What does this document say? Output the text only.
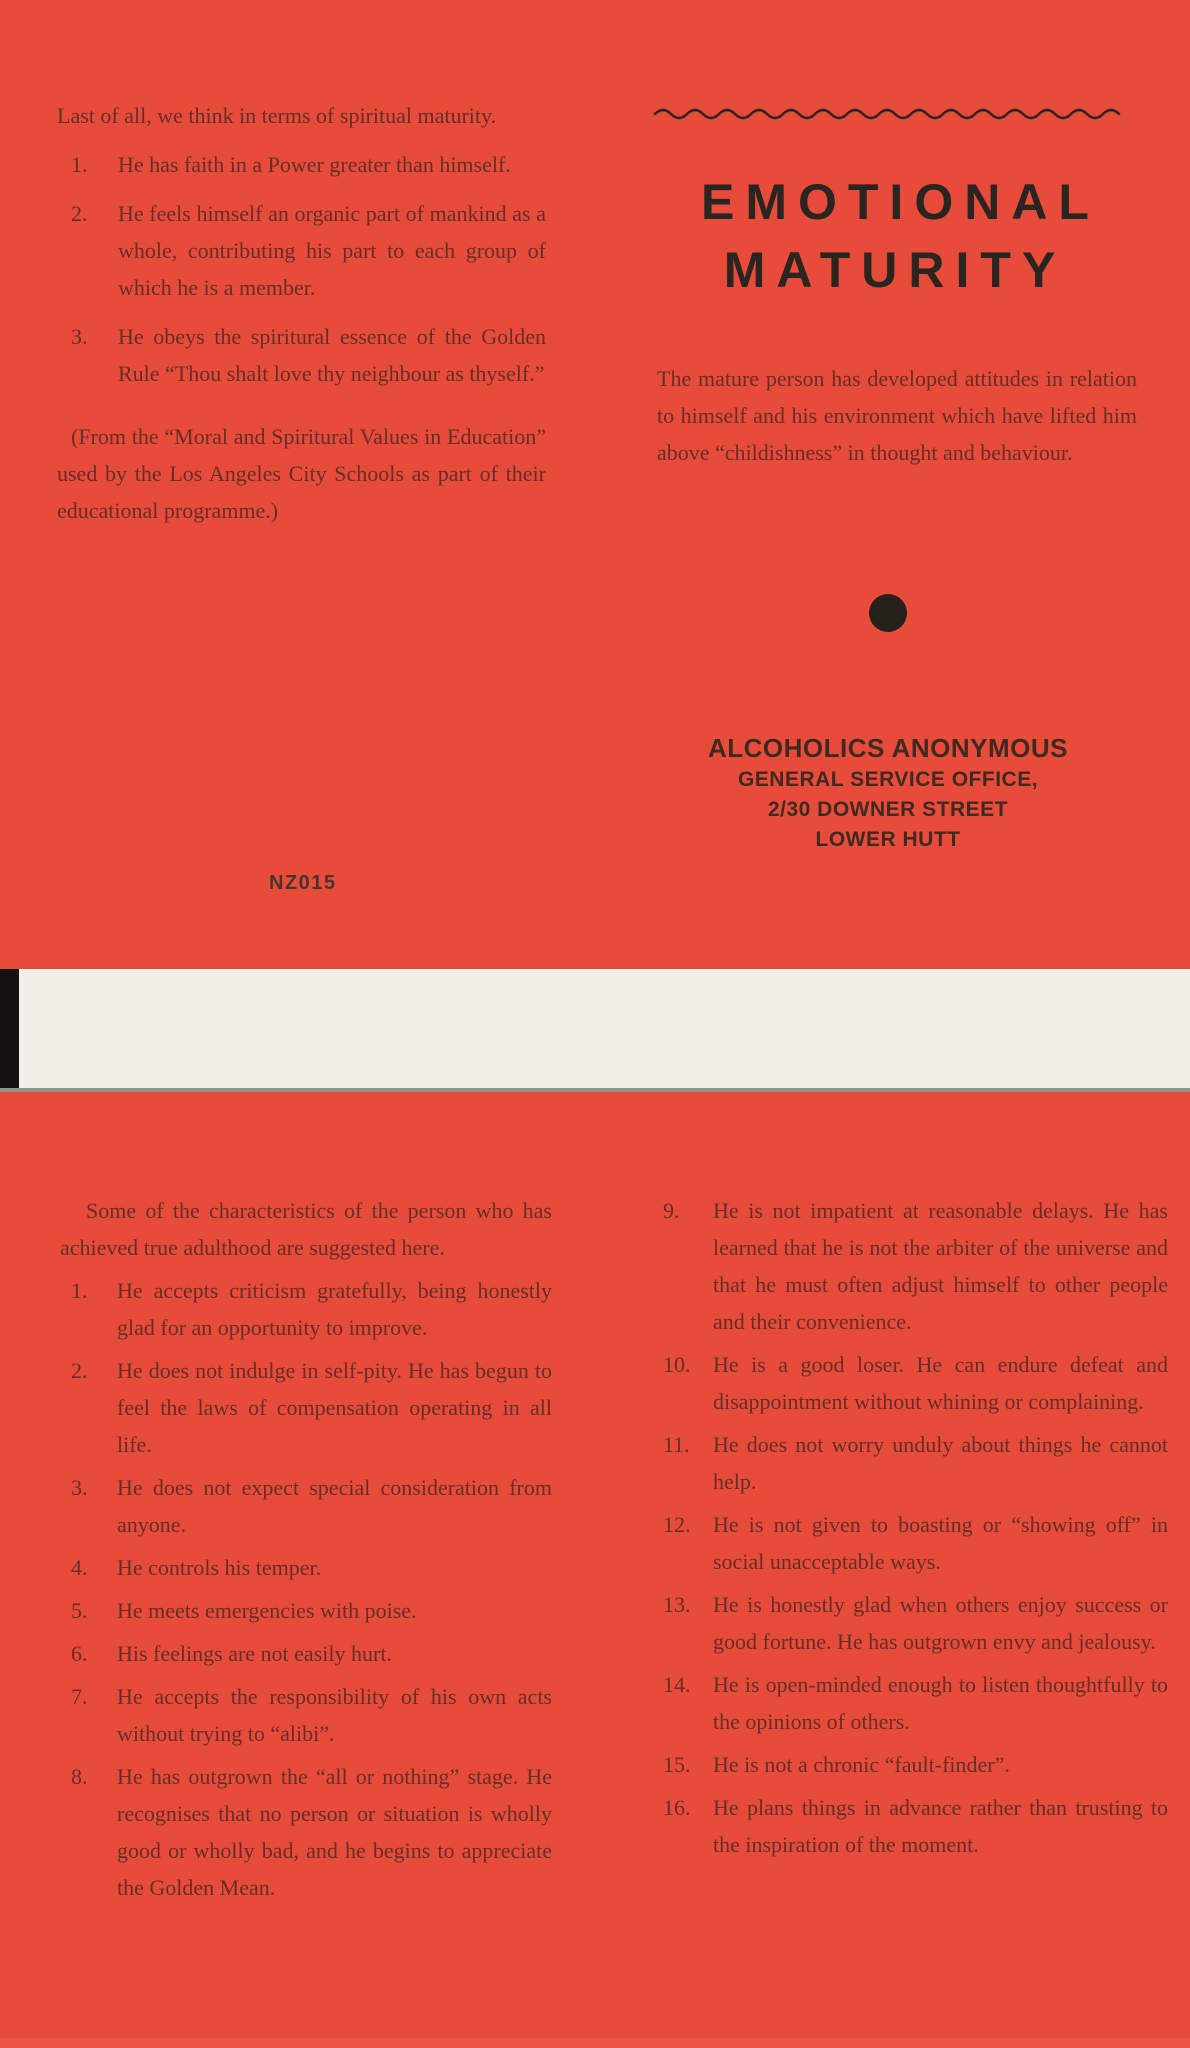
Last of all, we think in terms of spiritual maturity.

1. He has faith in a Power greater than himself.
2. He feels himself an organic part of mankind as a whole, contributing his part to each group of which he is a member.
3. He obeys the spiritural essence of the Golden Rule “Thou shalt love thy neighbour as thyself.”

(From the “Moral and Spiritural Values in Education” used by the Los Angeles City Schools as part of their educational programme.)

NZ015
EMOTIONAL
MATURITY

The mature person has developed attitudes in relation to himself and his environment which have lifted him above “childishness” in thought and behaviour.

ALCOHOLICS ANONYMOUS
GENERAL SERVICE OFFICE,
2/30 DOWNER STREET
LOWER HUTT

Some of the characteristics of the person who has achieved true adulthood are suggested here.

1. He accepts criticism gratefully, being honestly glad for an opportunity to improve.
2. He does not indulge in self-pity. He has begun to feel the laws of compensation operating in all life.
3. He does not expect special consideration from anyone.
4. He controls his temper.
5. He meets emergencies with poise.
6. His feelings are not easily hurt.
7. He accepts the responsibility of his own acts without trying to “alibi”.
8. He has outgrown the “all or nothing” stage. He recognises that no person or situation is wholly good or wholly bad, and he begins to appreciate the Golden Mean.
9. He is not impatient at reasonable delays. He has learned that he is not the arbiter of the universe and that he must often adjust himself to other people and their convenience.
10. He is a good loser. He can endure defeat and disappointment without whining or complaining.
11. He does not worry unduly about things he cannot help.
12. He is not given to boasting or “showing off” in social unacceptable ways.
13. He is honestly glad when others enjoy success or good fortune. He has outgrown envy and jealousy.
14. He is open-minded enough to listen thoughtfully to the opinions of others.
15. He is not a chronic “fault-finder”.
16. He plans things in advance rather than trusting to the inspiration of the moment.
